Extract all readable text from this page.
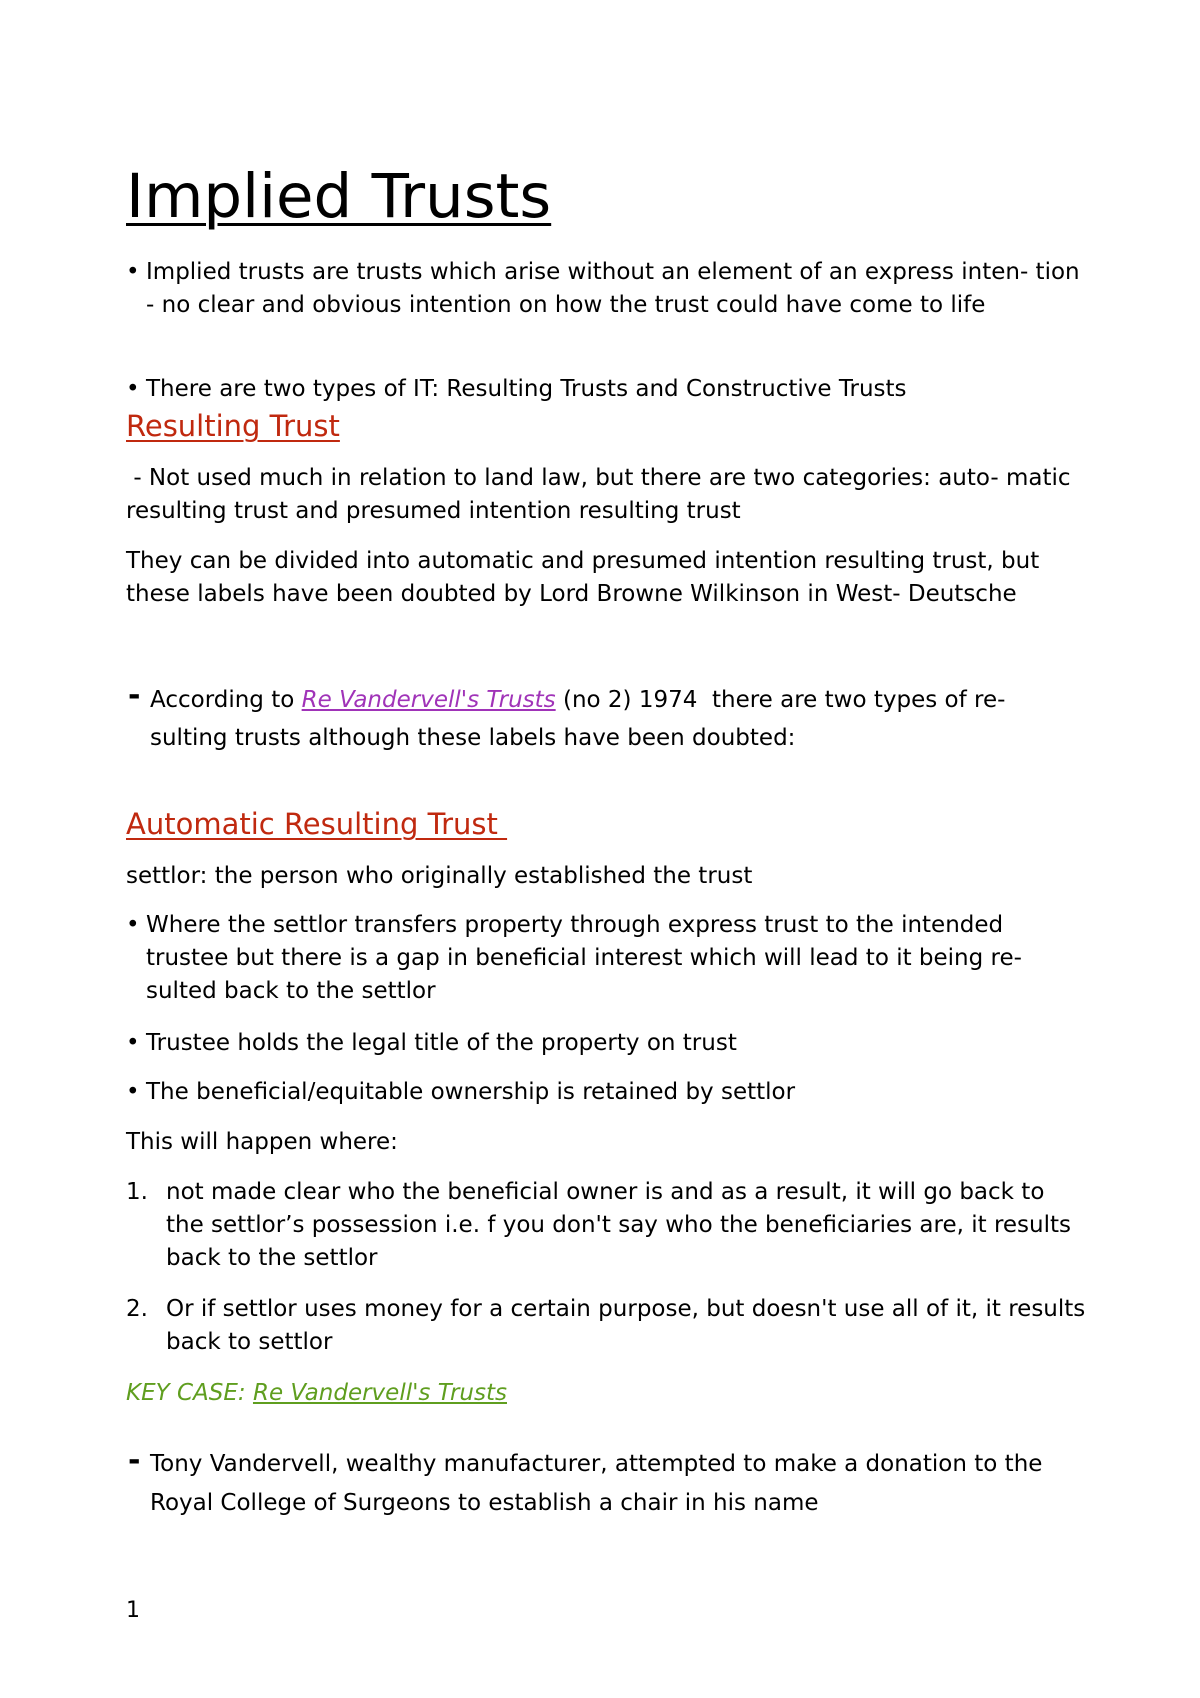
Implied Trusts
• Implied trusts are trusts which arise without an element of an express inten- tion - no clear and obvious intention on how the trust could have come to life
• There are two types of IT: Resulting Trusts and Constructive Trusts
Resulting Trust
- Not used much in relation to land law, but there are two categories: auto- matic resulting trust and presumed intention resulting trust
They can be divided into automatic and presumed intention resulting trust, but these labels have been doubted by Lord Browne Wilkinson in West- Deutsche
- According to Re Vandervell's Trusts (no 2) 1974  there are two types of re- sulting trusts although these labels have been doubted:
Automatic Resulting Trust
settlor: the person who originally established the trust
• Where the settlor transfers property through express trust to the intended trustee but there is a gap in beneficial interest which will lead to it being re- sulted back to the settlor
• Trustee holds the legal title of the property on trust
• The beneficial/equitable ownership is retained by settlor
This will happen where:
1. not made clear who the beneficial owner is and as a result, it will go back to the settlor’s possession i.e. f you don't say who the beneficiaries are, it results back to the settlor
2. Or if settlor uses money for a certain purpose, but doesn't use all of it, it results back to settlor
KEY CASE: Re Vandervell's Trusts
- Tony Vandervell, wealthy manufacturer, attempted to make a donation to the Royal College of Surgeons to establish a chair in his name
1
